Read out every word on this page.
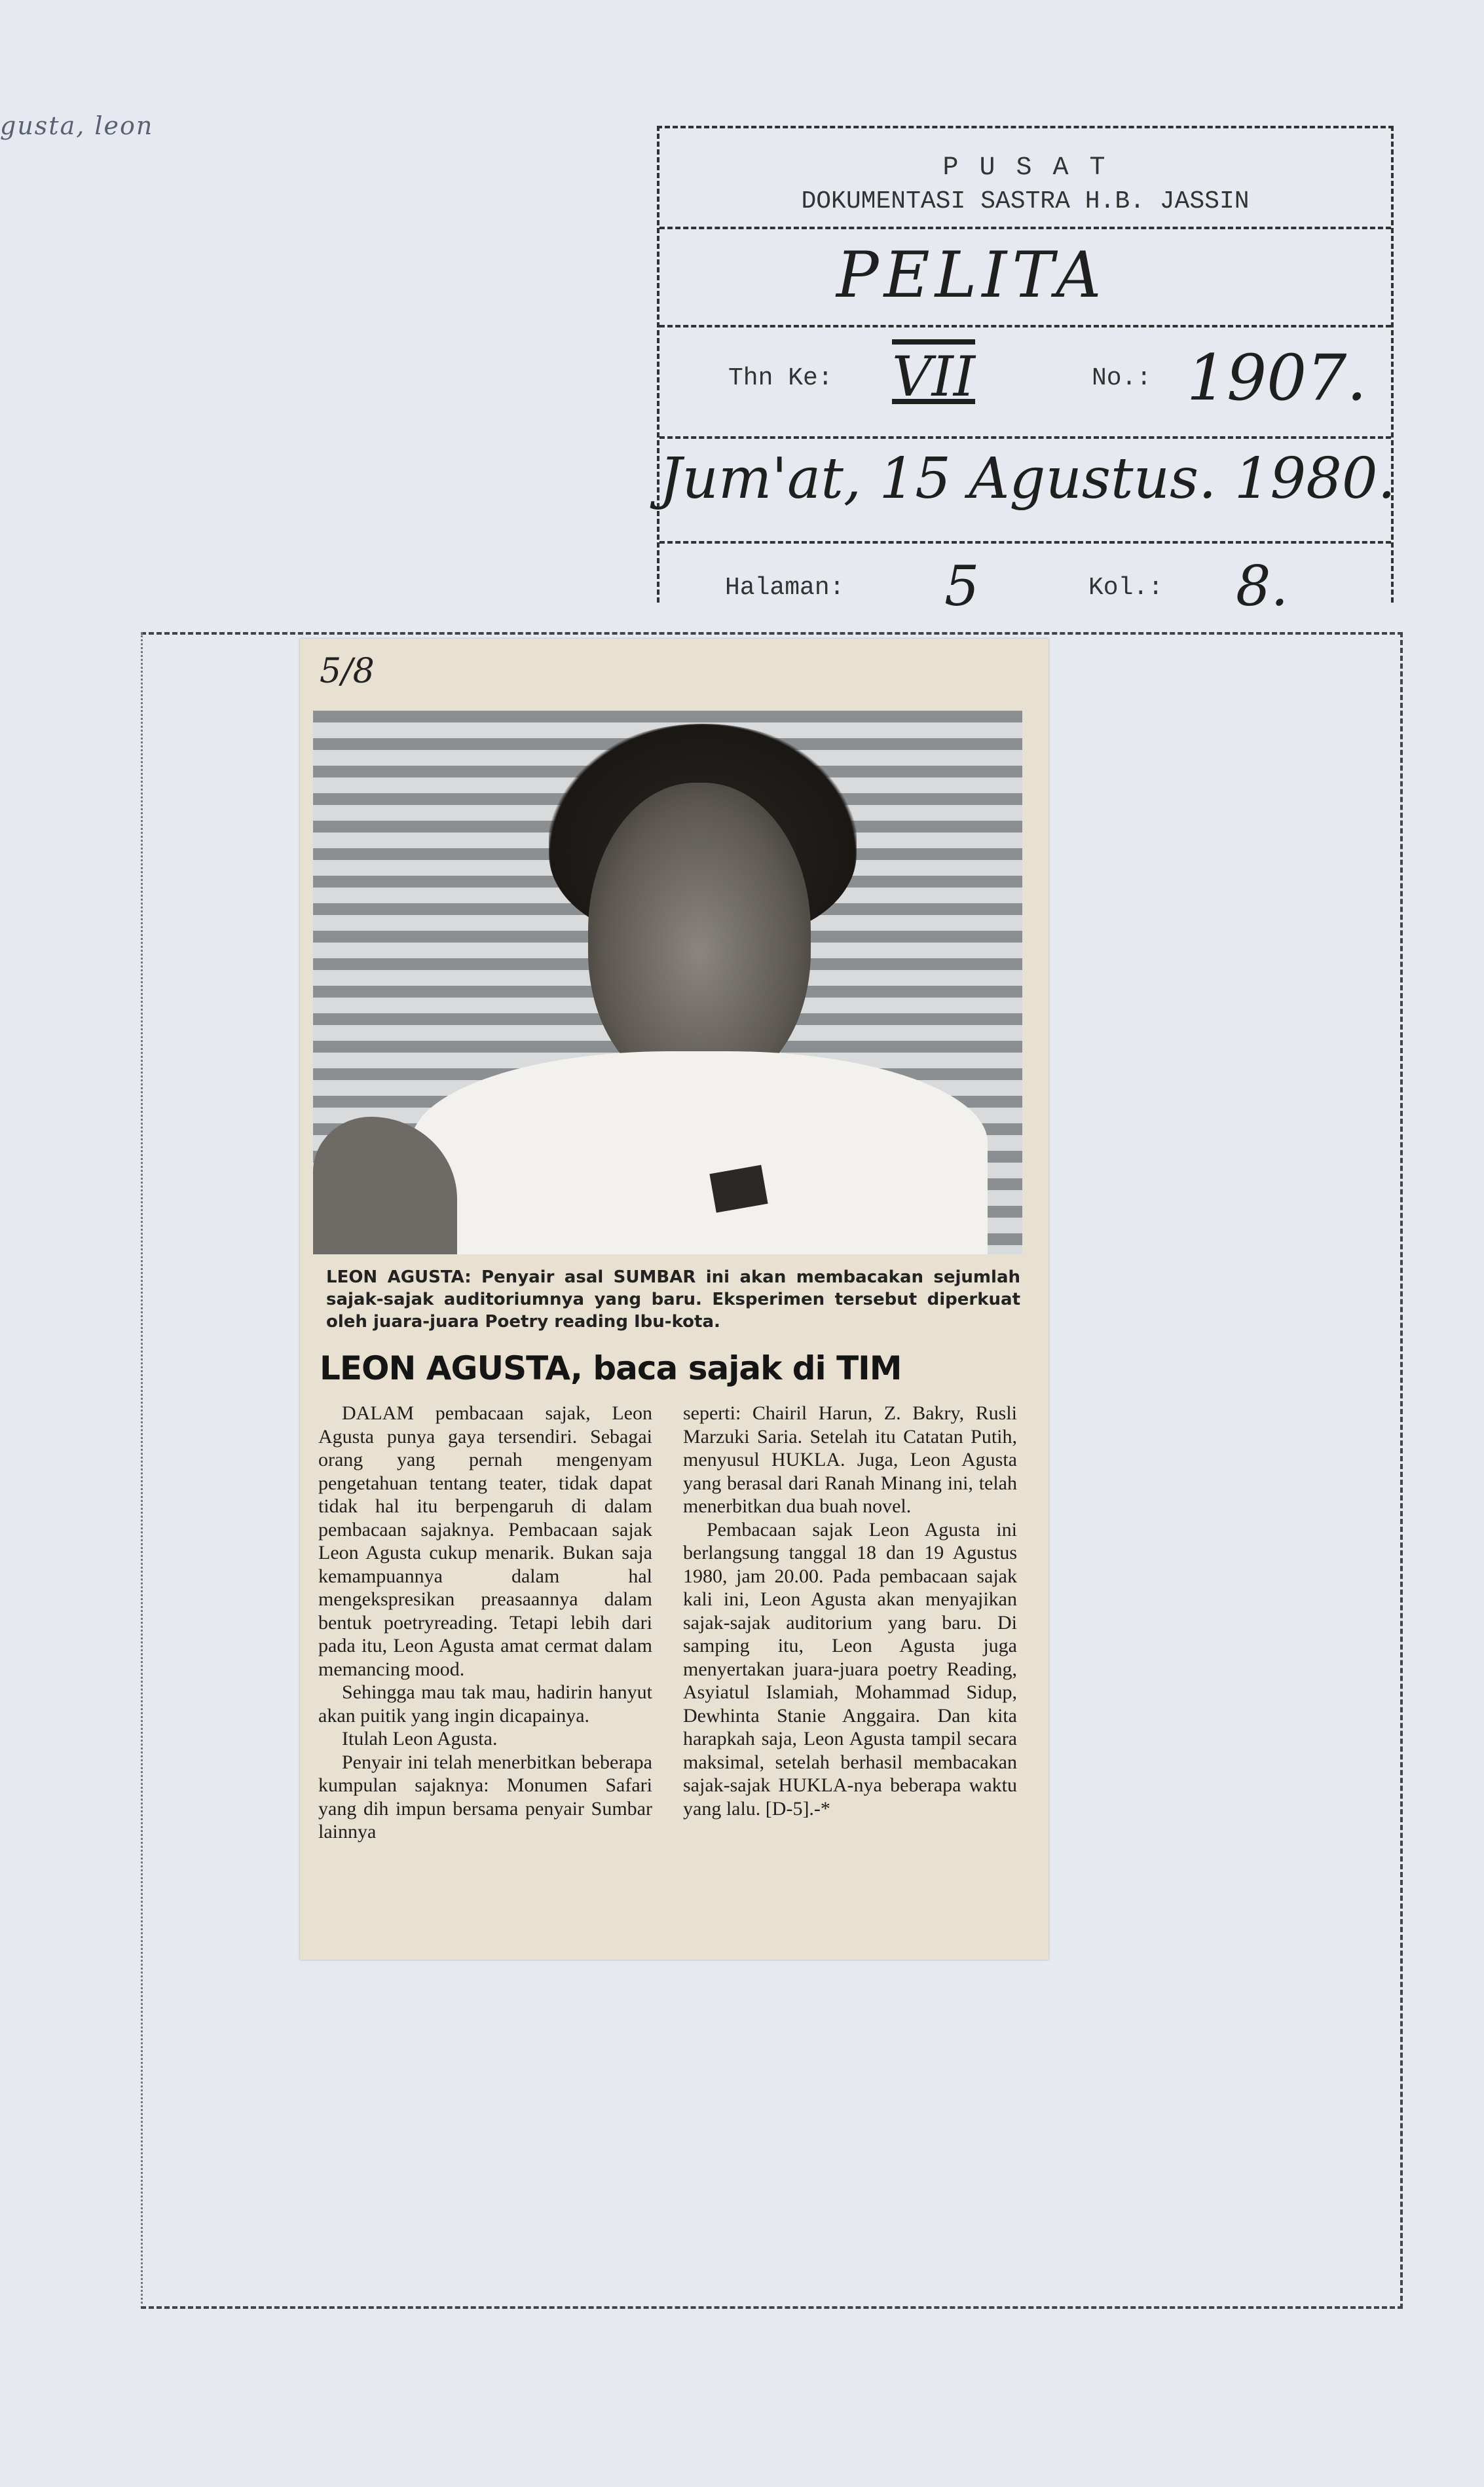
gusta, leon
P U S A T
DOKUMENTASI SASTRA H.B. JASSIN
PELITA
Thn Ke: VII	No.: 1907.
Jum'at, 15 Agustus. 1980.
Halaman: 5	Kol.: 8.
5/8
LEON AGUSTA: Penyair asal SUMBAR ini akan membacakan sejumlah sajak-sajak auditoriumnya yang baru. Eksperimen tersebut diperkuat oleh juara-juara Poetry reading Ibu-kota.
LEON AGUSTA, baca sajak di TIM

DALAM pembacaan sajak, Leon Agusta punya gaya tersendiri. Sebagai orang yang pernah mengenyam pengetahuan tentang teater, tidak dapat tidak hal itu berpengaruh di dalam pembacaan sajaknya. Pembacaan sajak Leon Agusta cukup menarik. Bukan saja kemampuannya dalam hal mengekspresikan preasaannya dalam bentuk poetryreading. Tetapi lebih dari pada itu, Leon Agusta amat cermat dalam memancing mood.

Sehingga mau tak mau, hadirin hanyut akan puitik yang ingin dicapainya.

Itulah Leon Agusta.

Penyair ini telah menerbitkan beberapa kumpulan sajaknya: Monumen Safari yang dih impun bersama penyair Sumbar lainnya

seperti: Chairil Harun, Z. Bakry, Rusli Marzuki Saria. Setelah itu Catatan Putih, menyusul HUKLA. Juga, Leon Agusta yang berasal dari Ranah Minang ini, telah menerbitkan dua buah novel.

Pembacaan sajak Leon Agusta ini berlangsung tanggal 18 dan 19 Agustus 1980, jam 20.00. Pada pembacaan sajak kali ini, Leon Agusta akan menyajikan sajak-sajak auditorium yang baru. Di samping itu, Leon Agusta juga menyertakan juara-juara poetry Reading, Asyiatul Islamiah, Mohammad Sidup, Dewhinta Stanie Anggaira. Dan kita harapkah saja, Leon Agusta tampil secara maksimal, setelah berhasil membacakan sajak-sajak HUKLA-nya beberapa waktu yang lalu. [D-5].-*
